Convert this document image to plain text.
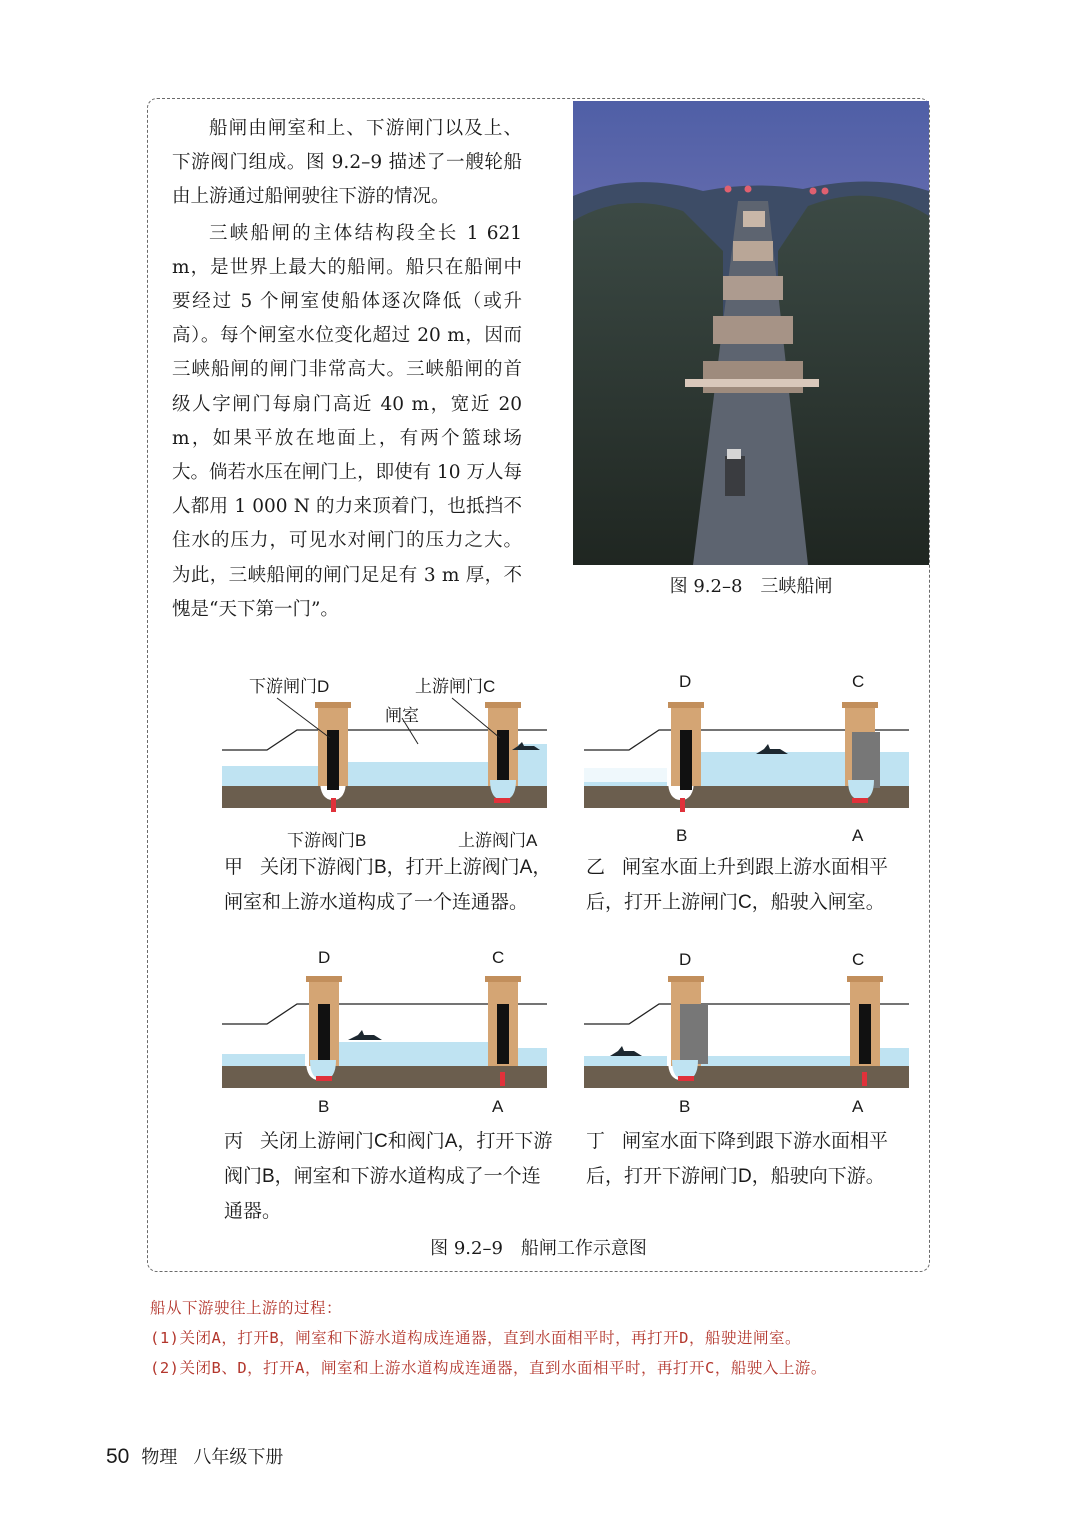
船闸由闸室和上、下游闸门以及上、下游阀门组成。图 9.2–9 描述了一艘轮船由上游通过船闸驶往下游的情况。

三峡船闸的主体结构段全长 1 621 m，是世界上最大的船闸。船只在船闸中要经过 5 个闸室使船体逐次降低（或升高）。每个闸室水位变化超过 20 m，因而三峡船闸的闸门非常高大。三峡船闸的首级人字闸门每扇门高近 40 m，宽近 20 m，如果平放在地面上，有两个篮球场大。倘若水压在闸门上，即使有 10 万人每人都用 1 000 N 的力来顶着门，也抵挡不住水的压力，可见水对闸门的压力之大。为此，三峡船闸的闸门足足有 3 m 厚，不愧是“天下第一门”。

图 9.2–8　三峡船闸
下游闸门D	上游闸门C
闸室
下游阀门B	上游阀门A
甲 关闭下游阀门B，打开上游阀门A，闸室和上游水道构成了一个连通器。
D	C
B	A
乙 闸室水面上升到跟上游水面相平后，打开上游闸门C，船驶入闸室。
D	C
B	A
丙 关闭上游闸门C和阀门A，打开下游阀门B，闸室和下游水道构成了一个连通器。
D	C
B	A
丁 闸室水面下降到跟下游水面相平后，打开下游闸门D，船驶向下游。
图 9.2–9　船闸工作示意图
船从下游驶往上游的过程：
(1)关闭A，打开B，闸室和下游水道构成连通器，直到水面相平时，再打开D，船驶进闸室。
(2)关闭B、D，打开A，闸室和上游水道构成连通器，直到水面相平时，再打开C，船驶入上游。
50 物理 八年级下册
